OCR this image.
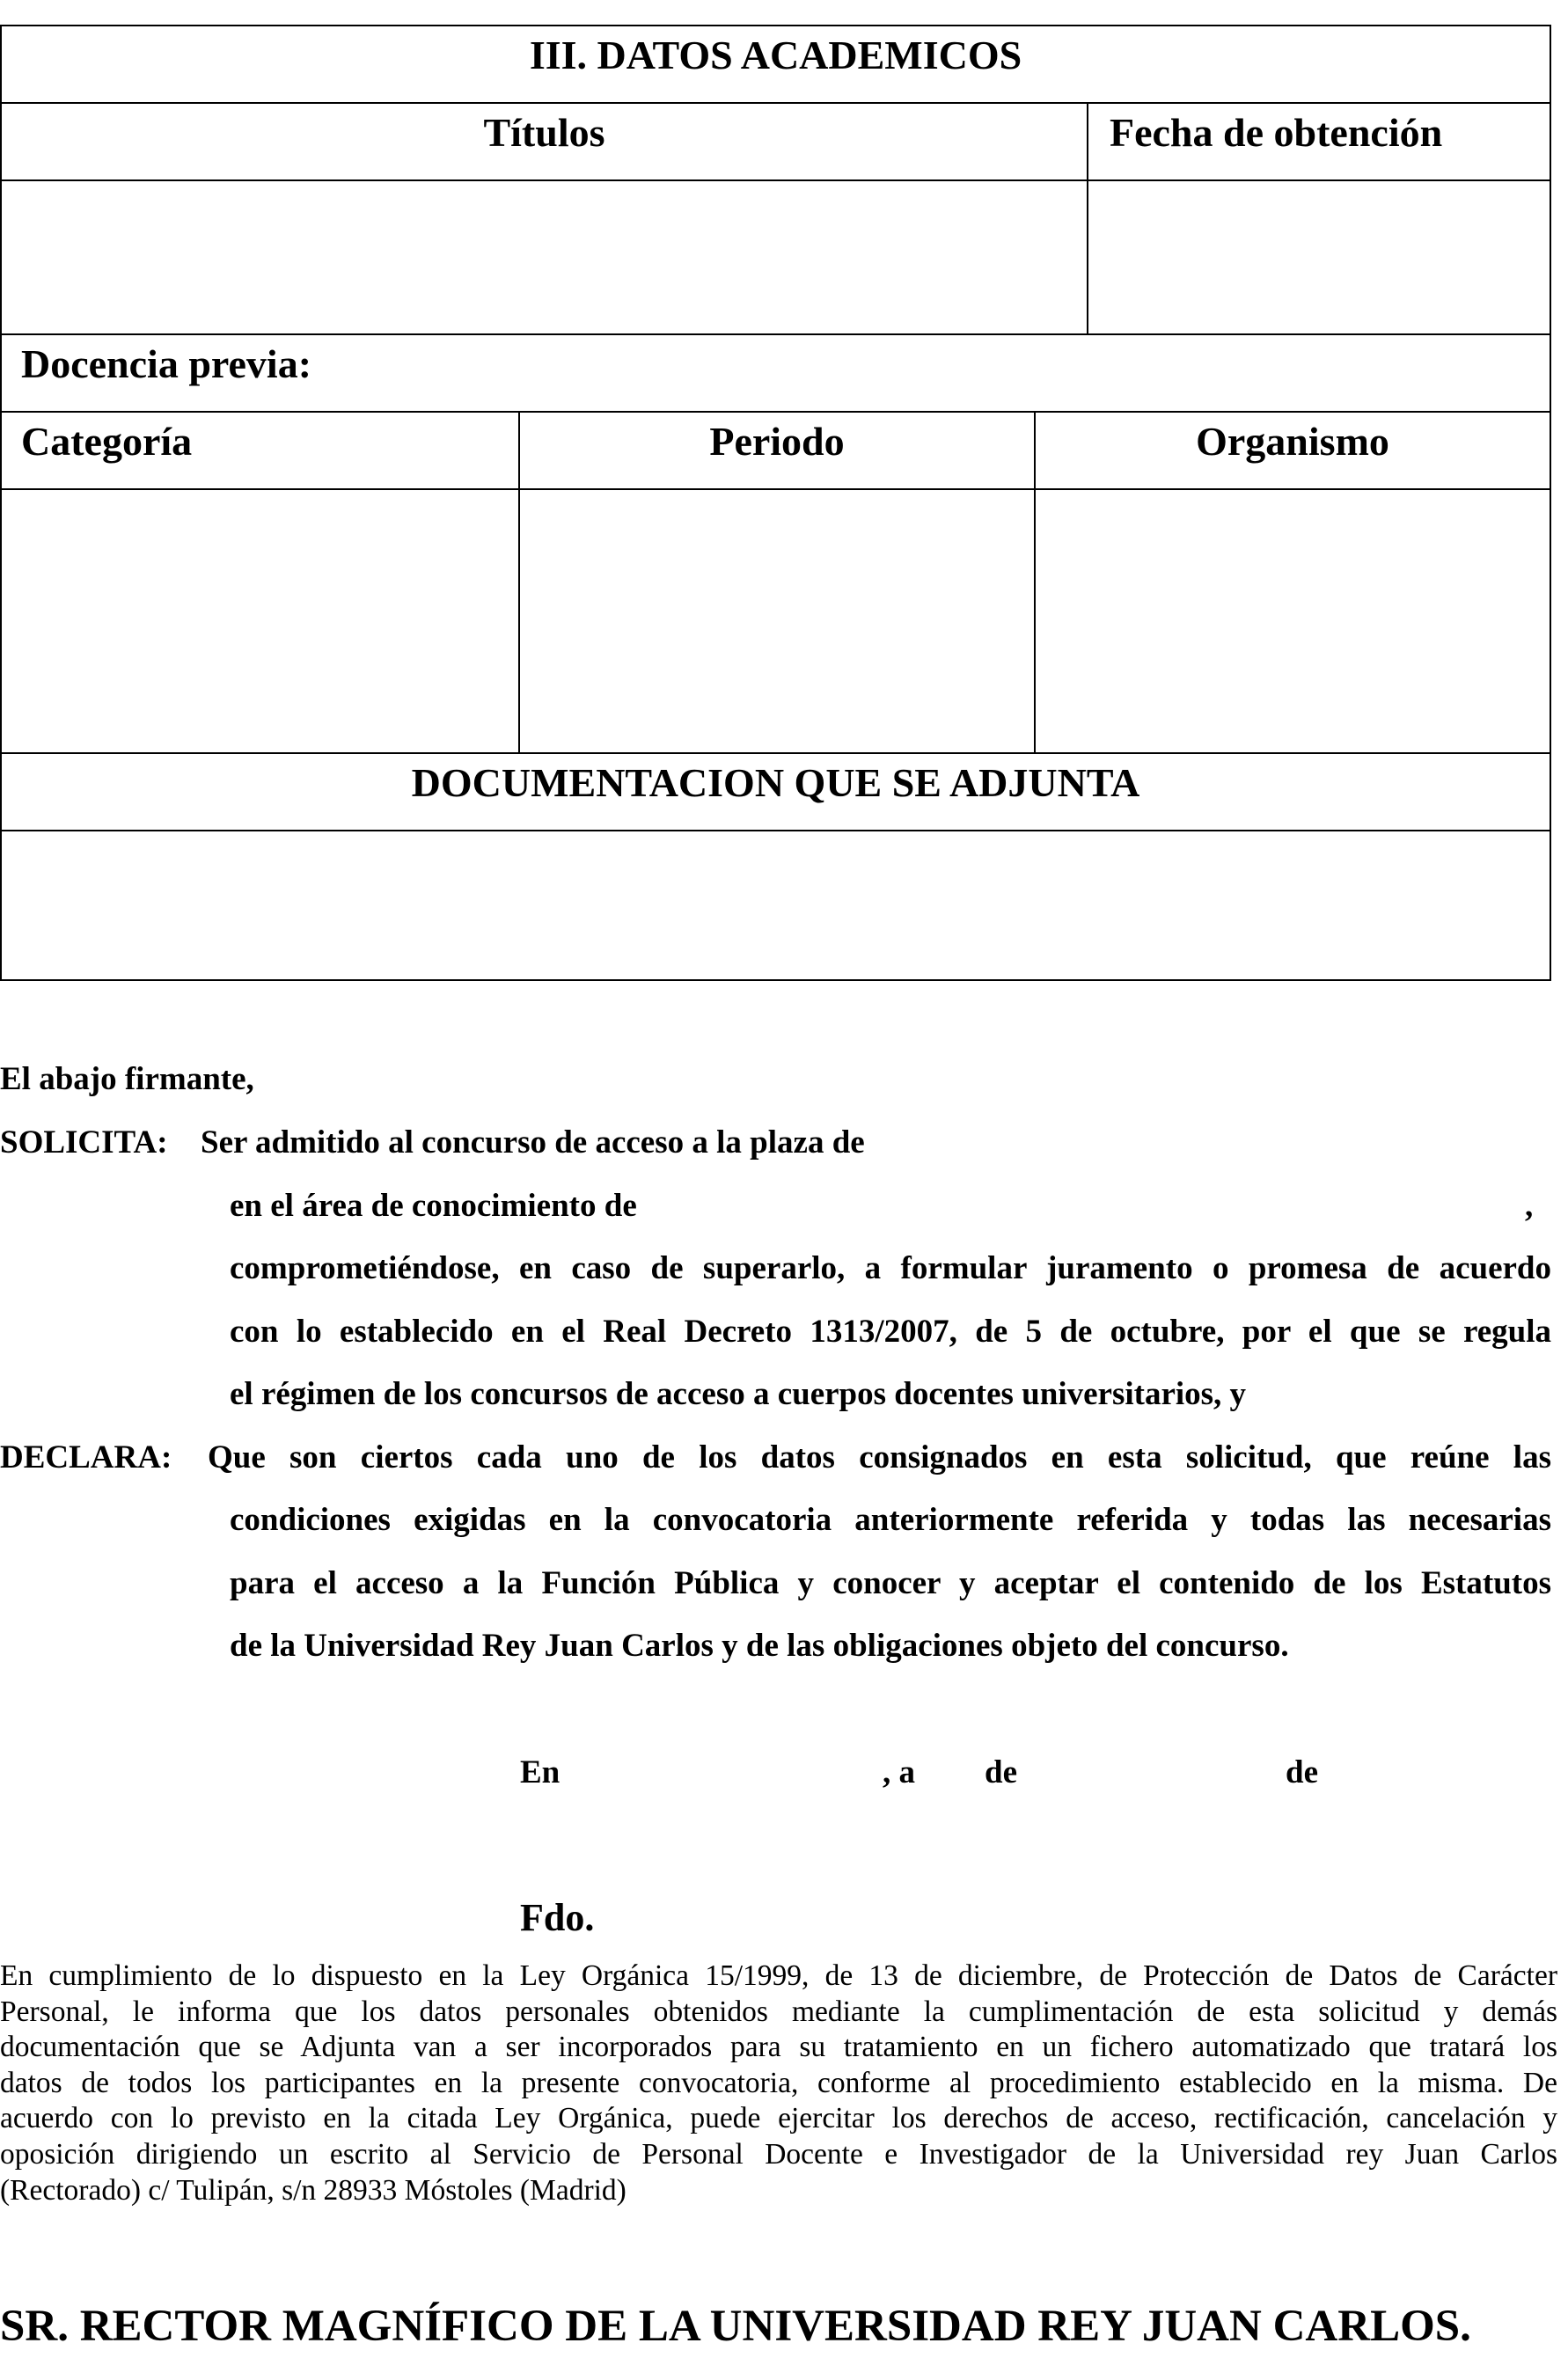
III. DATOS ACADEMICOS
Títulos	Fecha de obtención
Docencia previa:
Categoría	Periodo	Organismo
DOCUMENTACION QUE SE ADJUNTA
El abajo firmante,
SOLICITA: Ser admitido al concurso de acceso a la plaza de
en el área de conocimiento de	,
comprometiéndose, en caso de superarlo, a formular juramento o promesa de acuerdo
con lo establecido en el Real Decreto 1313/2007, de 5 de octubre, por el que se regula
el régimen de los concursos de acceso a cuerpos docentes universitarios, y
DECLARA: Que son ciertos cada uno de los datos consignados en esta solicitud, que reúne las
condiciones exigidas en la convocatoria anteriormente referida y todas las necesarias
para el acceso a la Función Pública y conocer y aceptar el contenido de los Estatutos
de la Universidad Rey Juan Carlos y de las obligaciones objeto del concurso.
En	, a de	de
Fdo.
En cumplimiento de lo dispuesto en la Ley Orgánica 15/1999, de 13 de diciembre, de Protección de Datos de Carácter
Personal, le informa que los datos personales obtenidos mediante la cumplimentación de esta solicitud y demás
documentación que se Adjunta van a ser incorporados para su tratamiento en un fichero automatizado que tratará los
datos de todos los participantes en la presente convocatoria, conforme al procedimiento establecido en la misma. De
acuerdo con lo previsto en la citada Ley Orgánica, puede ejercitar los derechos de acceso, rectificación, cancelación y
oposición dirigiendo un escrito al Servicio de Personal Docente e Investigador de la Universidad rey Juan Carlos
(Rectorado) c/ Tulipán, s/n 28933 Móstoles (Madrid)
SR. RECTOR MAGNÍFICO DE LA UNIVERSIDAD REY JUAN CARLOS.
